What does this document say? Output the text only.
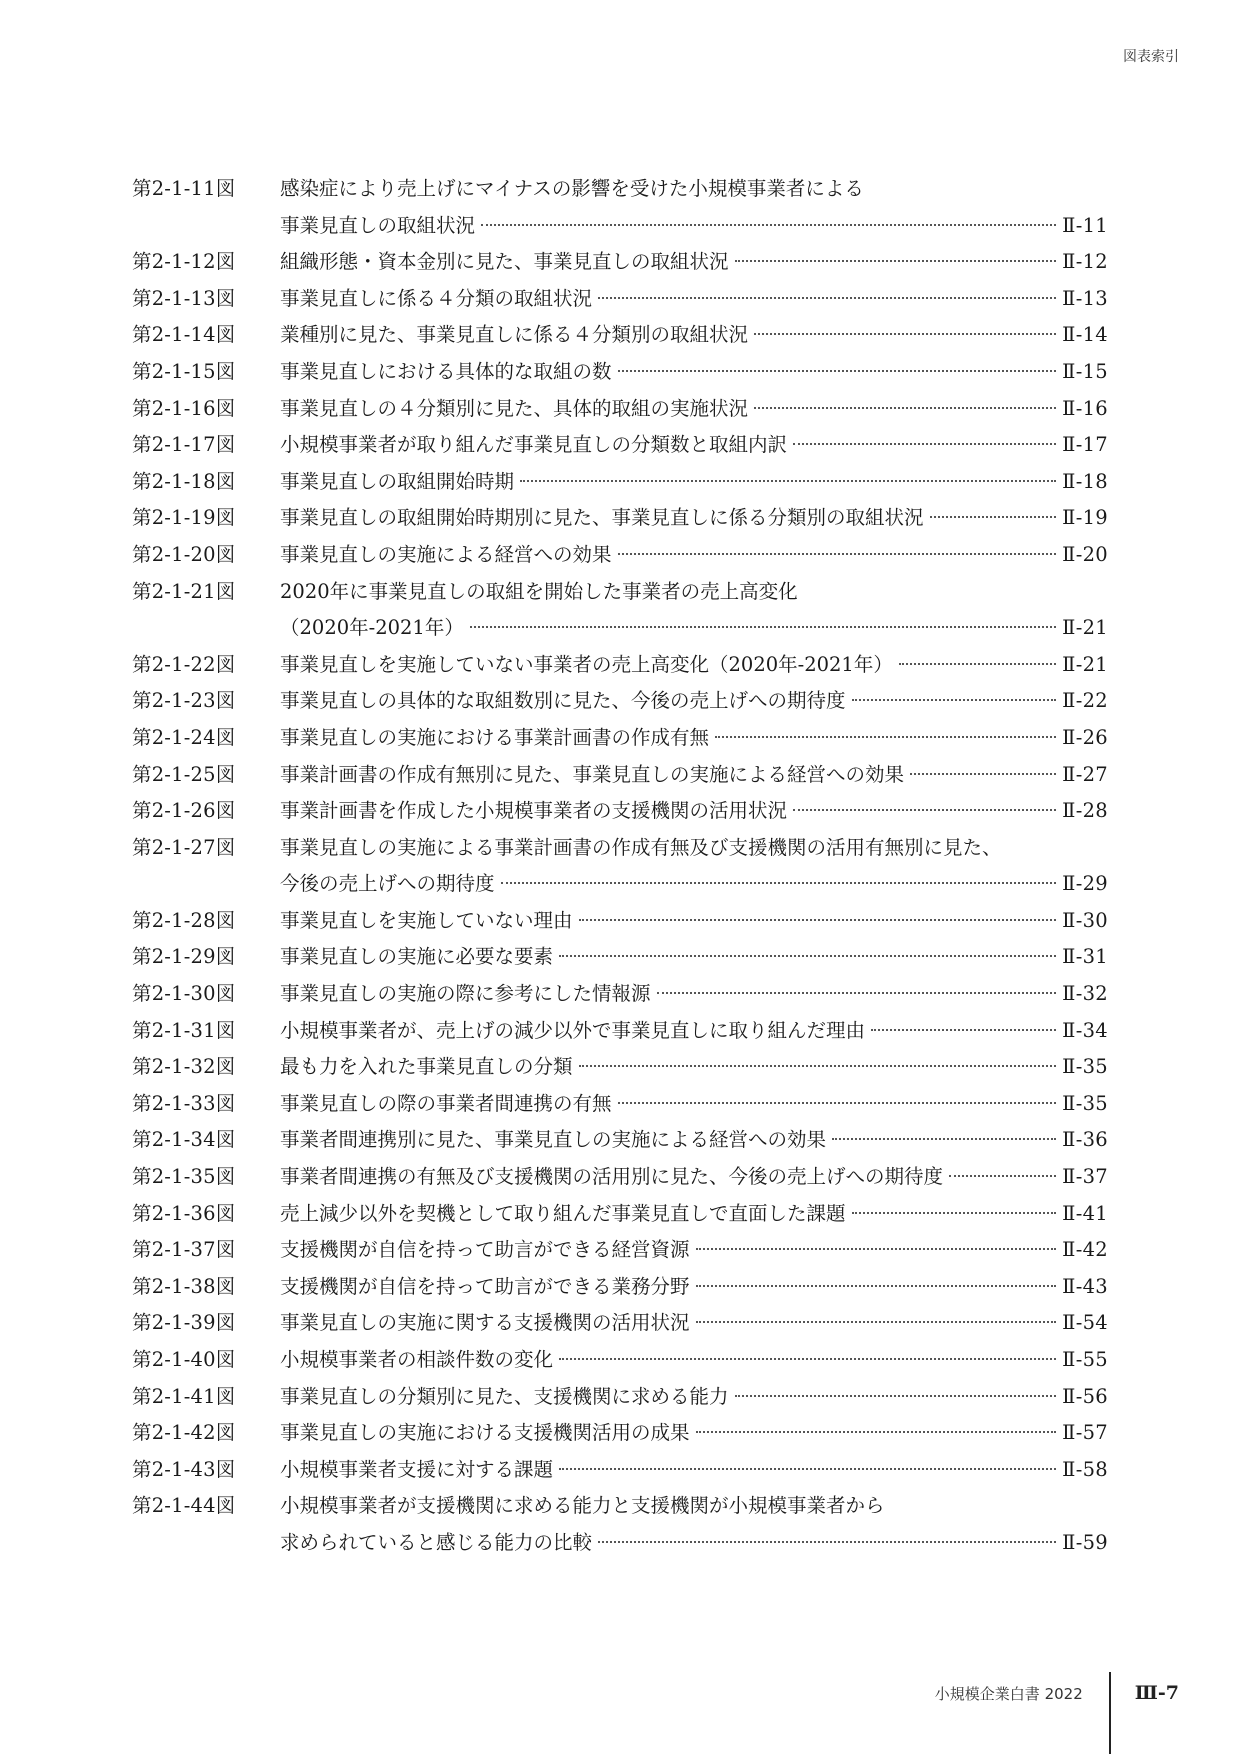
図表索引
第2-1-11図	感染症により売上げにマイナスの影響を受けた小規模事業者による
事業見直しの取組状況	Ⅱ-11
第2-1-12図	組織形態・資本金別に見た、事業見直しの取組状況	Ⅱ-12
第2-1-13図	事業見直しに係る４分類の取組状況	Ⅱ-13
第2-1-14図	業種別に見た、事業見直しに係る４分類別の取組状況	Ⅱ-14
第2-1-15図	事業見直しにおける具体的な取組の数	Ⅱ-15
第2-1-16図	事業見直しの４分類別に見た、具体的取組の実施状況	Ⅱ-16
第2-1-17図	小規模事業者が取り組んだ事業見直しの分類数と取組内訳	Ⅱ-17
第2-1-18図	事業見直しの取組開始時期	Ⅱ-18
第2-1-19図	事業見直しの取組開始時期別に見た、事業見直しに係る分類別の取組状況	Ⅱ-19
第2-1-20図	事業見直しの実施による経営への効果	Ⅱ-20
第2-1-21図	2020年に事業見直しの取組を開始した事業者の売上高変化
（2020年-2021年）	Ⅱ-21
第2-1-22図	事業見直しを実施していない事業者の売上高変化（2020年-2021年）	Ⅱ-21
第2-1-23図	事業見直しの具体的な取組数別に見た、今後の売上げへの期待度	Ⅱ-22
第2-1-24図	事業見直しの実施における事業計画書の作成有無	Ⅱ-26
第2-1-25図	事業計画書の作成有無別に見た、事業見直しの実施による経営への効果	Ⅱ-27
第2-1-26図	事業計画書を作成した小規模事業者の支援機関の活用状況	Ⅱ-28
第2-1-27図	事業見直しの実施による事業計画書の作成有無及び支援機関の活用有無別に見た、
今後の売上げへの期待度	Ⅱ-29
第2-1-28図	事業見直しを実施していない理由	Ⅱ-30
第2-1-29図	事業見直しの実施に必要な要素	Ⅱ-31
第2-1-30図	事業見直しの実施の際に参考にした情報源	Ⅱ-32
第2-1-31図	小規模事業者が、売上げの減少以外で事業見直しに取り組んだ理由	Ⅱ-34
第2-1-32図	最も力を入れた事業見直しの分類	Ⅱ-35
第2-1-33図	事業見直しの際の事業者間連携の有無	Ⅱ-35
第2-1-34図	事業者間連携別に見た、事業見直しの実施による経営への効果	Ⅱ-36
第2-1-35図	事業者間連携の有無及び支援機関の活用別に見た、今後の売上げへの期待度	Ⅱ-37
第2-1-36図	売上減少以外を契機として取り組んだ事業見直しで直面した課題	Ⅱ-41
第2-1-37図	支援機関が自信を持って助言ができる経営資源	Ⅱ-42
第2-1-38図	支援機関が自信を持って助言ができる業務分野	Ⅱ-43
第2-1-39図	事業見直しの実施に関する支援機関の活用状況	Ⅱ-54
第2-1-40図	小規模事業者の相談件数の変化	Ⅱ-55
第2-1-41図	事業見直しの分類別に見た、支援機関に求める能力	Ⅱ-56
第2-1-42図	事業見直しの実施における支援機関活用の成果	Ⅱ-57
第2-1-43図	小規模事業者支援に対する課題	Ⅱ-58
第2-1-44図	小規模事業者が支援機関に求める能力と支援機関が小規模事業者から
求められていると感じる能力の比較	Ⅱ-59
小規模企業白書 2022	Ⅲ-7
